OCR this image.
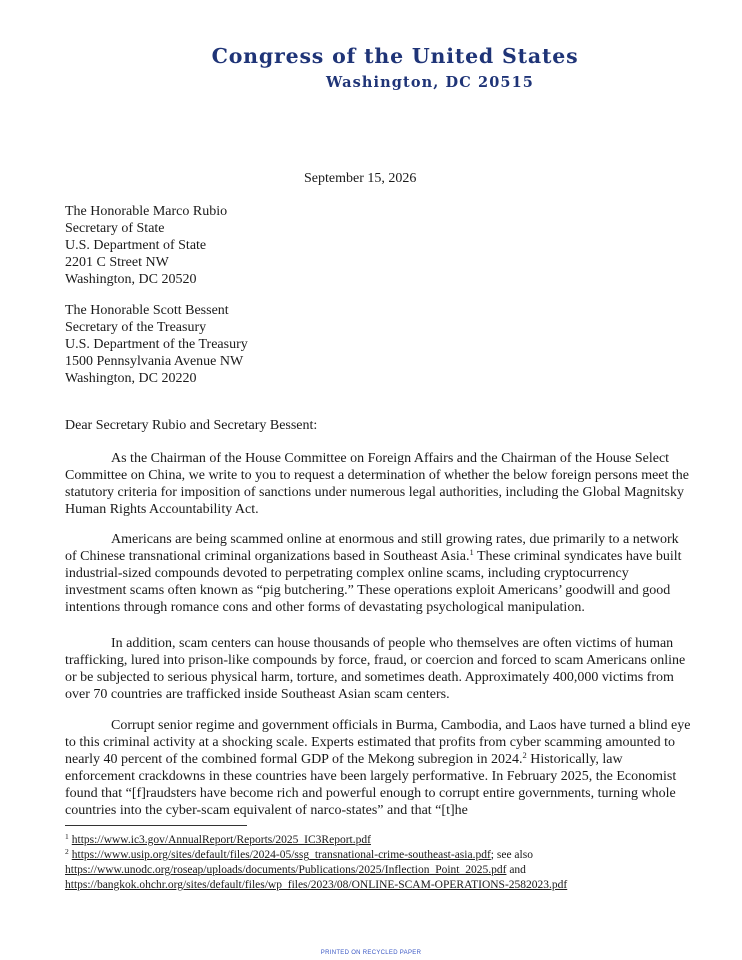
Congress of the United States
Washington, DC 20515
September 15, 2026
The Honorable Marco Rubio
Secretary of State
U.S. Department of State
2201 C Street NW
Washington, DC 20520
The Honorable Scott Bessent
Secretary of the Treasury
U.S. Department of the Treasury
1500 Pennsylvania Avenue NW
Washington, DC 20220
Dear Secretary Rubio and Secretary Bessent:

As the Chairman of the House Committee on Foreign Affairs and the Chairman of the House Select Committee on China, we write to you to request a determination of whether the below foreign persons meet the statutory criteria for imposition of sanctions under numerous legal authorities, including the Global Magnitsky Human Rights Accountability Act.

Americans are being scammed online at enormous and still growing rates, due primarily to a network of Chinese transnational criminal organizations based in Southeast Asia.$^1$ These criminal syndicates have built industrial-sized compounds devoted to perpetrating complex online scams, including cryptocurrency investment scams often known as “pig butchering.” These operations exploit Americans’ goodwill and good intentions through romance cons and other forms of devastating psychological manipulation.

In addition, scam centers can house thousands of people who themselves are often victims of human trafficking, lured into prison-like compounds by force, fraud, or coercion and forced to scam Americans online or be subjected to serious physical harm, torture, and sometimes death. Approximately 400,000 victims from over 70 countries are trafficked inside Southeast Asian scam centers.

Corrupt senior regime and government officials in Burma, Cambodia, and Laos have turned a blind eye to this criminal activity at a shocking scale. Experts estimated that profits from cyber scamming amounted to nearly 40 percent of the combined formal GDP of the Mekong subregion in 2024.$^2$ Historically, law enforcement crackdowns in these countries have been largely performative. In February 2025, the Economist found that “[f]raudsters have become rich and powerful enough to corrupt entire governments, turning whole countries into the cyber-scam equivalent of narco-states” and that “[t]he

$^1$ https://www.ic3.gov/AnnualReport/Reports/2025_IC3Report.pdf
$^2$ https://www.usip.org/sites/default/files/2024-05/ssg_transnational-crime-southeast-asia.pdf; see also
https://www.unodc.org/roseap/uploads/documents/Publications/2025/Inflection_Point_2025.pdf and
https://bangkok.ohchr.org/sites/default/files/wp_files/2023/08/ONLINE-SCAM-OPERATIONS-2582023.pdf
PRINTED ON RECYCLED PAPER
